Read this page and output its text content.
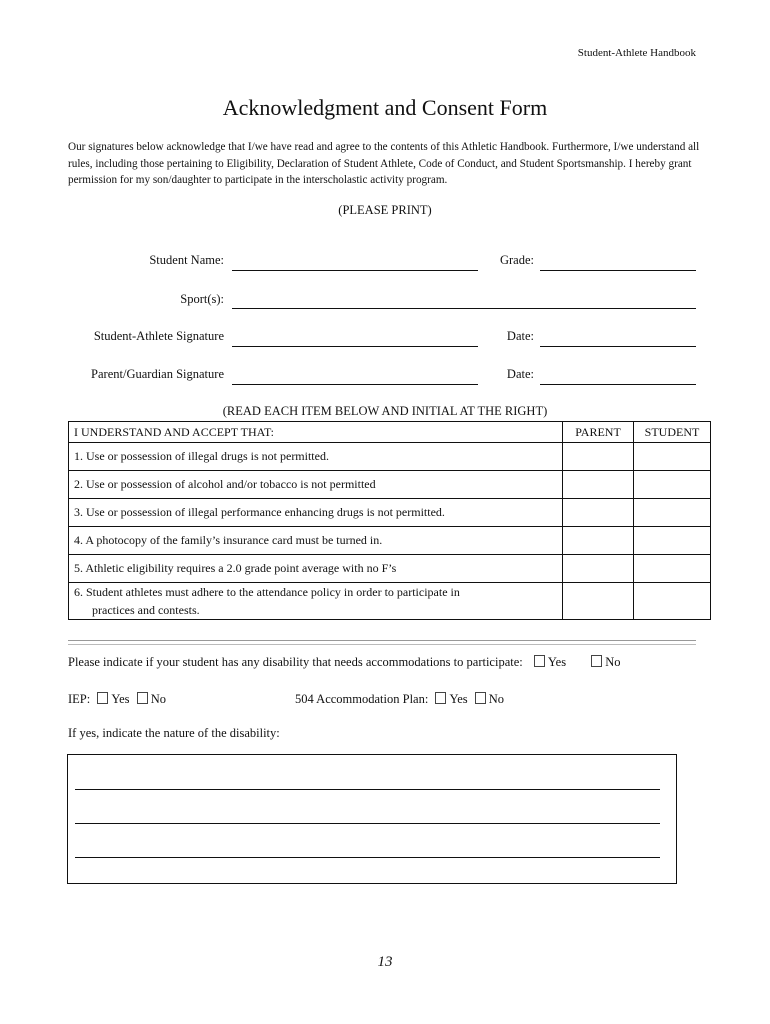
Student-Athlete Handbook
Acknowledgment and Consent Form
Our signatures below acknowledge that I/we have read and agree to the contents of this Athletic Handbook. Furthermore, I/we understand all rules, including those pertaining to Eligibility, Declaration of Student Athlete, Code of Conduct, and Student Sportsmanship. I hereby grant permission for my son/daughter to participate in the interscholastic activity program.
(PLEASE PRINT)
Student Name:	Grade:
Sport(s):
Student-Athlete Signature	Date:
Parent/Guardian Signature	Date:
(READ EACH ITEM BELOW AND INITIAL AT THE RIGHT)
I UNDERSTAND AND ACCEPT THAT:	PARENT	STUDENT
1. Use or possession of illegal drugs is not permitted.		
2. Use or possession of alcohol and/or tobacco is not permitted		
3. Use or possession of illegal performance enhancing drugs is not permitted.		
4. A photocopy of the family’s insurance card must be turned in.		
5. Athletic eligibility requires a 2.0 grade point average with no F’s		
6. Student athletes must adhere to the attendance policy in order to participate in
practices and contests.		

Please indicate if your student has any disability that needs accommodations to participate: Yes	No
IEP: Yes No	504 Accommodation Plan: Yes No
If yes, indicate the nature of the disability:
13
